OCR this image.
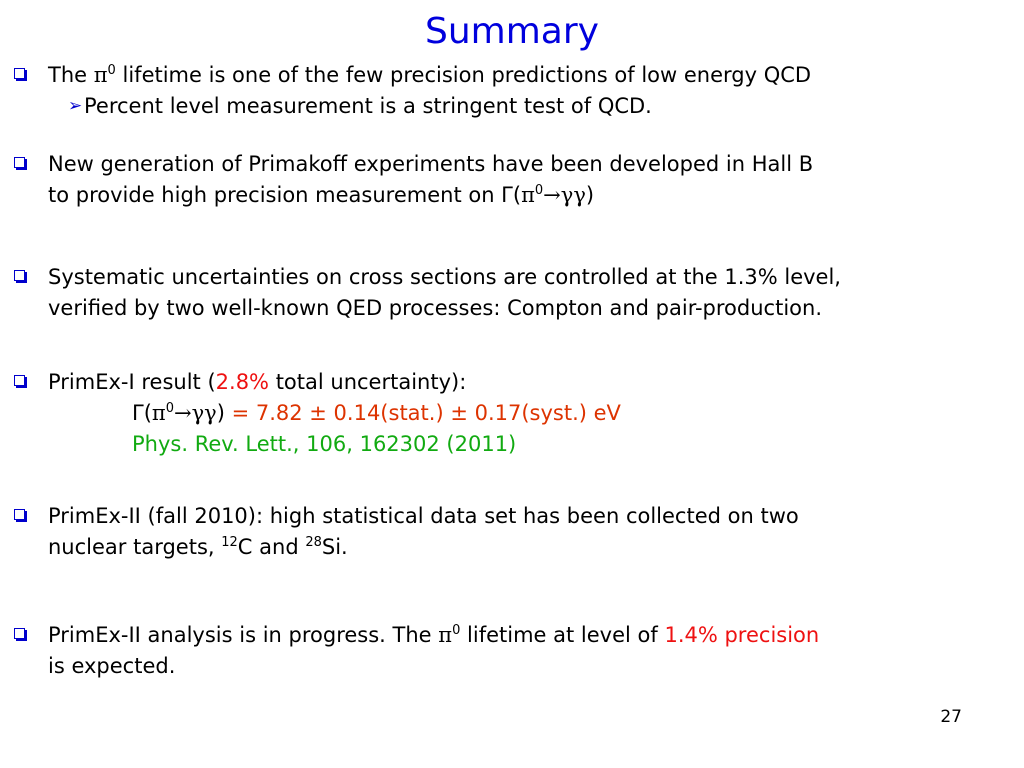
Summary
The $\pi^0$ lifetime is one of the few precision predictions of low energy QCD
➢ Percent level measurement is a stringent test of QCD.
New generation of Primakoff experiments have been developed in Hall B
to provide high precision measurement on $\Gamma(\pi^0\to\gamma\gamma)$
Systematic uncertainties on cross sections are controlled at the 1.3% level,
verified by two well-known QED processes: Compton and pair-production.
PrimEx-I result (2.8% total uncertainty):
$\Gamma(\pi^0\to\gamma\gamma) = 7.82$ ± 0.14(stat.) ± 0.17(syst.) eV
Phys. Rev. Lett., 106, 162302 (2011)
PrimEx-II (fall 2010): high statistical data set has been collected on two
nuclear targets, $^{12}$C and $^{28}$Si.
PrimEx-II analysis is in progress. The $\pi^0$ lifetime at level of 1.4% precision
is expected.
27
